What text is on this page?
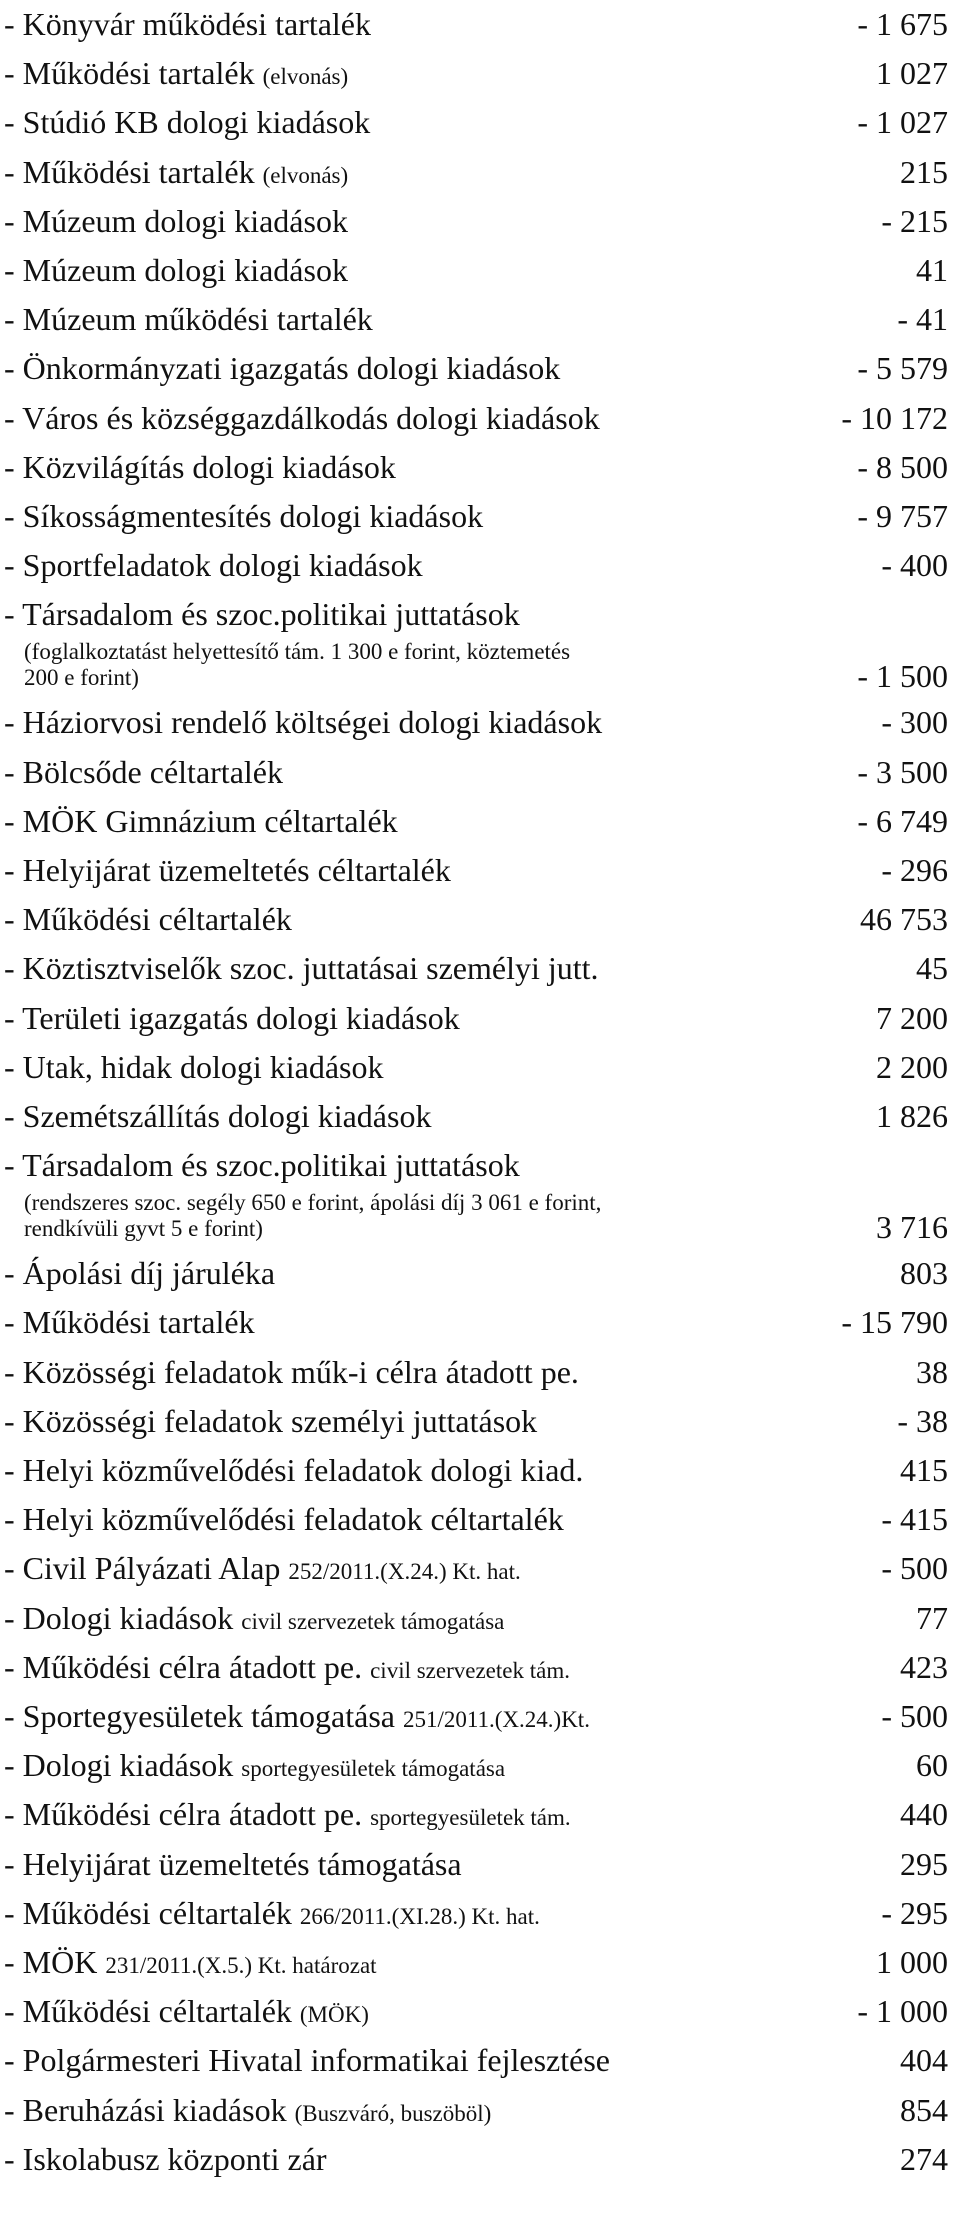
- Könyvár működési tartalék	- 1 675
- Működési tartalék (elvonás)	1 027
- Stúdió KB dologi kiadások	- 1 027
- Működési tartalék (elvonás)	215
- Múzeum dologi kiadások	- 215
- Múzeum dologi kiadások	41
- Múzeum működési tartalék	- 41
- Önkormányzati igazgatás dologi kiadások	- 5 579
- Város és községgazdálkodás dologi kiadások	- 10 172
- Közvilágítás dologi kiadások	- 8 500
- Síkosságmentesítés dologi kiadások	- 9 757
- Sportfeladatok dologi kiadások	- 400
- Társadalom és szoc.politikai juttatások
(foglalkoztatást helyettesítő tám. 1 300 e forint, köztemetés
200 e forint)	- 1 500
- Háziorvosi rendelő költségei dologi kiadások	- 300
- Bölcsőde céltartalék	- 3 500
- MÖK Gimnázium céltartalék	- 6 749
- Helyijárat üzemeltetés céltartalék	- 296
- Működési céltartalék	46 753
- Köztisztviselők szoc. juttatásai személyi jutt.	45
- Területi igazgatás dologi kiadások	7 200
- Utak, hidak dologi kiadások	2 200
- Szemétszállítás dologi kiadások	1 826
- Társadalom és szoc.politikai juttatások
(rendszeres szoc. segély 650 e forint, ápolási díj 3 061 e forint,
rendkívüli gyvt 5 e forint)	3 716
- Ápolási díj járuléka	803
- Működési tartalék	- 15 790
- Közösségi feladatok műk-i célra átadott pe.	38
- Közösségi feladatok személyi juttatások	- 38
- Helyi közművelődési feladatok dologi kiad.	415
- Helyi közművelődési feladatok céltartalék	- 415
- Civil Pályázati Alap 252/2011.(X.24.) Kt. hat.	- 500
- Dologi kiadások civil szervezetek támogatása	77
- Működési célra átadott pe. civil szervezetek tám.	423
- Sportegyesületek támogatása 251/2011.(X.24.)Kt.	- 500
- Dologi kiadások sportegyesületek támogatása	60
- Működési célra átadott pe. sportegyesületek tám.	440
- Helyijárat üzemeltetés támogatása	295
- Működési céltartalék 266/2011.(XI.28.) Kt. hat.	- 295
- MÖK 231/2011.(X.5.) Kt. határozat	1 000
- Működési céltartalék (MÖK)	- 1 000
- Polgármesteri Hivatal informatikai fejlesztése	404
- Beruházási kiadások (Buszváró, buszöböl)	854
- Iskolabusz központi zár	274
